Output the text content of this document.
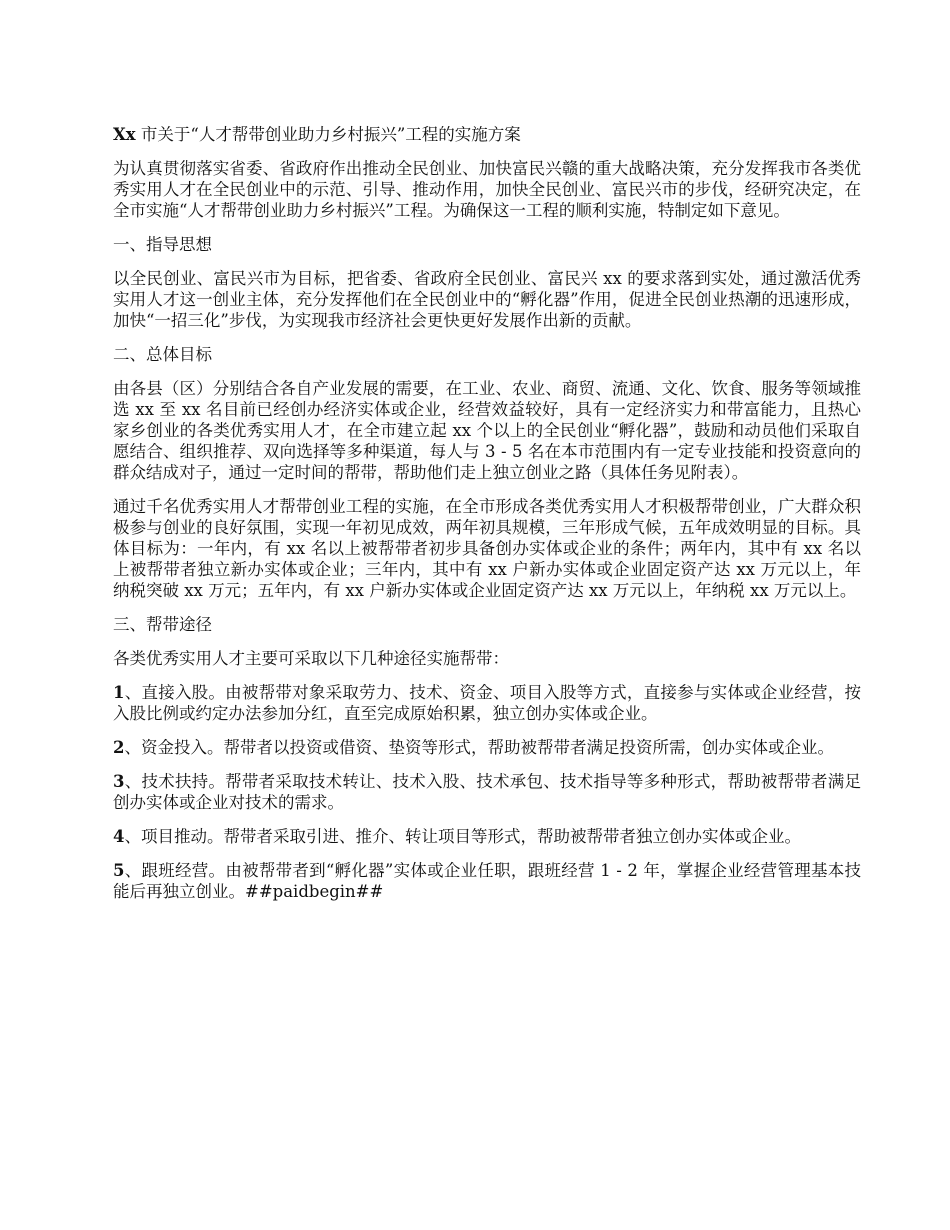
Xx 市关于“人才帮带创业助力乡村振兴”工程的实施方案

为认真贯彻落实省委、省政府作出推动全民创业、加快富民兴赣的重大战略决策，充分发挥我市各类优秀实用人才在全民创业中的示范、引导、推动作用，加快全民创业、富民兴市的步伐，经研究决定，在全市实施“人才帮带创业助力乡村振兴”工程。为确保这一工程的顺利实施，特制定如下意见。

一、指导思想

以全民创业、富民兴市为目标，把省委、省政府全民创业、富民兴 xx 的要求落到实处，通过激活优秀实用人才这一创业主体，充分发挥他们在全民创业中的“孵化器”作用，促进全民创业热潮的迅速形成，加快“一招三化”步伐，为实现我市经济社会更快更好发展作出新的贡献。

二、总体目标

由各县（区）分别结合各自产业发展的需要，在工业、农业、商贸、流通、文化、饮食、服务等领域推选 xx 至 xx 名目前已经创办经济实体或企业，经营效益较好，具有一定经济实力和带富能力，且热心家乡创业的各类优秀实用人才，在全市建立起 xx 个以上的全民创业“孵化器”，鼓励和动员他们采取自愿结合、组织推荐、双向选择等多种渠道，每人与 3 - 5 名在本市范围内有一定专业技能和投资意向的群众结成对子，通过一定时间的帮带，帮助他们走上独立创业之路（具体任务见附表）。

通过千名优秀实用人才帮带创业工程的实施，在全市形成各类优秀实用人才积极帮带创业，广大群众积极参与创业的良好氛围，实现一年初见成效，两年初具规模，三年形成气候，五年成效明显的目标。具体目标为：一年内，有 xx 名以上被帮带者初步具备创办实体或企业的条件；两年内，其中有 xx 名以上被帮带者独立新办实体或企业；三年内，其中有 xx 户新办实体或企业固定资产达 xx 万元以上，年纳税突破 xx 万元；五年内，有 xx 户新办实体或企业固定资产达 xx 万元以上，年纳税 xx 万元以上。

三、帮带途径

各类优秀实用人才主要可采取以下几种途径实施帮带：

1、直接入股。由被帮带对象采取劳力、技术、资金、项目入股等方式，直接参与实体或企业经营，按入股比例或约定办法参加分红，直至完成原始积累，独立创办实体或企业。

2、资金投入。帮带者以投资或借资、垫资等形式，帮助被帮带者满足投资所需，创办实体或企业。

3、技术扶持。帮带者采取技术转让、技术入股、技术承包、技术指导等多种形式，帮助被帮带者满足创办实体或企业对技术的需求。

4、项目推动。帮带者采取引进、推介、转让项目等形式，帮助被帮带者独立创办实体或企业。

5、跟班经营。由被帮带者到“孵化器”实体或企业任职，跟班经营 1 - 2 年，掌握企业经营管理基本技能后再独立创业。##paidbegin##
